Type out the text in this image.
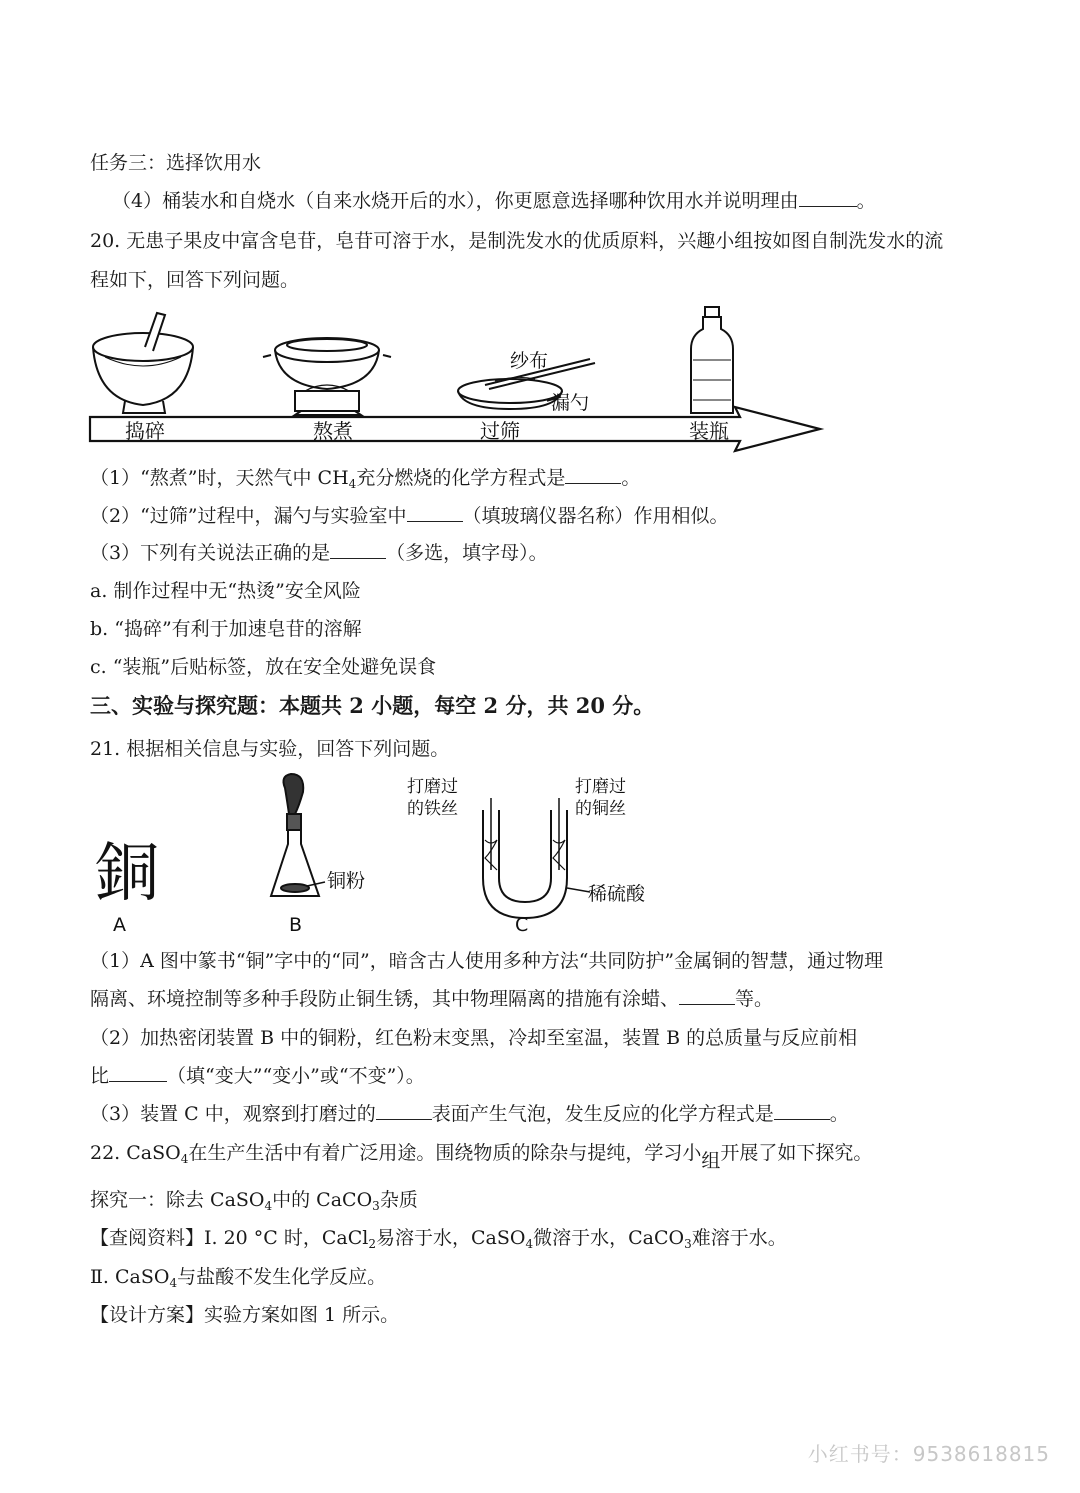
任务三：选择饮用水
（4）桶装水和自烧水（自来水烧开后的水），你更愿意选择哪种饮用水并说明理由	。
20. 无患子果皮中富含皂苷，皂苷可溶于水，是制洗发水的优质原料，兴趣小组按如图自制洗发水的流
程如下，回答下列问题。
纱布
漏勺
捣碎	熬煮	过筛	装瓶
（1）“熬煮”时，天然气中 $CH_4$充分燃烧的化学方程式是	。
（2）“过筛”过程中，漏勺与实验室中	（填玻璃仪器名称）作用相似。
（3）下列有关说法正确的是	（多选，填字母）。
a. 制作过程中无“热烫”安全风险
b. “捣碎”有利于加速皂苷的溶解
c. “装瓶”后贴标签，放在安全处避免误食
三、实验与探究题：本题共 2 小题，每空 2 分，共 20 分。
21. 根据相关信息与实验，回答下列问题。
銅
A
铜粉
B
打磨过
的铁丝
打磨过
的铜丝
稀硫酸
C
（1）A 图中篆书“铜”字中的“同”，暗含古人使用多种方法“共同防护”金属铜的智慧，通过物理
隔离、环境控制等多种手段防止铜生锈，其中物理隔离的措施有涂蜡、	等。
（2）加热密闭装置 B 中的铜粉，红色粉末变黑，冷却至室温，装置 B 的总质量与反应前相
比	（填“变大”“变小”或“不变”）。
（3）装置 C 中，观察到打磨过的	表面产生气泡，发生反应的化学方程式是	。
22. CaSO$_4$在生产生活中有着广泛用途。围绕物质的除杂与提纯，学习小组开展了如下探究。
探究一：除去 CaSO$_4$中的 CaCO$_3$杂质
【查阅资料】Ⅰ. 20 °C 时，CaCl$_2$易溶于水，CaSO$_4$微溶于水，CaCO$_3$难溶于水。
Ⅱ. CaSO$_4$与盐酸不发生化学反应。
【设计方案】实验方案如图 1 所示。
小红书号：9538618815
